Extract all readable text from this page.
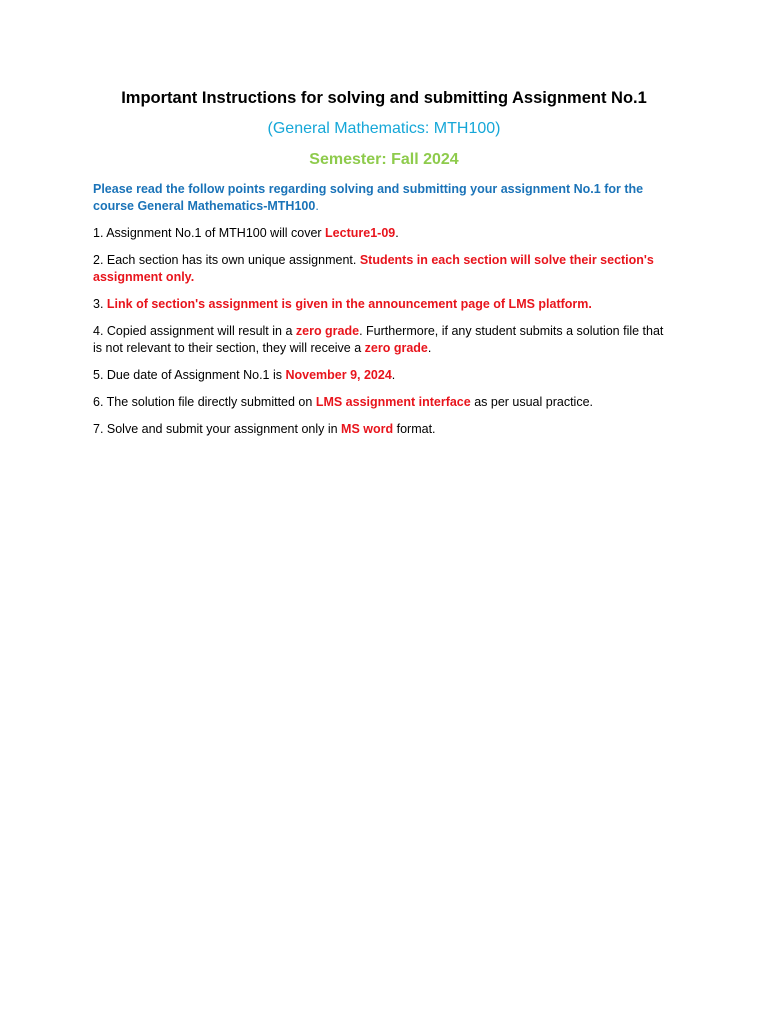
Important Instructions for solving and submitting Assignment No.1
(General Mathematics: MTH100)
Semester: Fall 2024
Please read the follow points regarding solving and submitting your assignment No.1 for the course General Mathematics-MTH100.
1. Assignment No.1 of MTH100 will cover Lecture1-09.
2. Each section has its own unique assignment. Students in each section will solve their section's assignment only.
3. Link of section's assignment is given in the announcement page of LMS platform.
4. Copied assignment will result in a zero grade. Furthermore, if any student submits a solution file that is not relevant to their section, they will receive a zero grade.
5. Due date of Assignment No.1 is November 9, 2024.
6. The solution file directly submitted on LMS assignment interface as per usual practice.
7. Solve and submit your assignment only in MS word format.
